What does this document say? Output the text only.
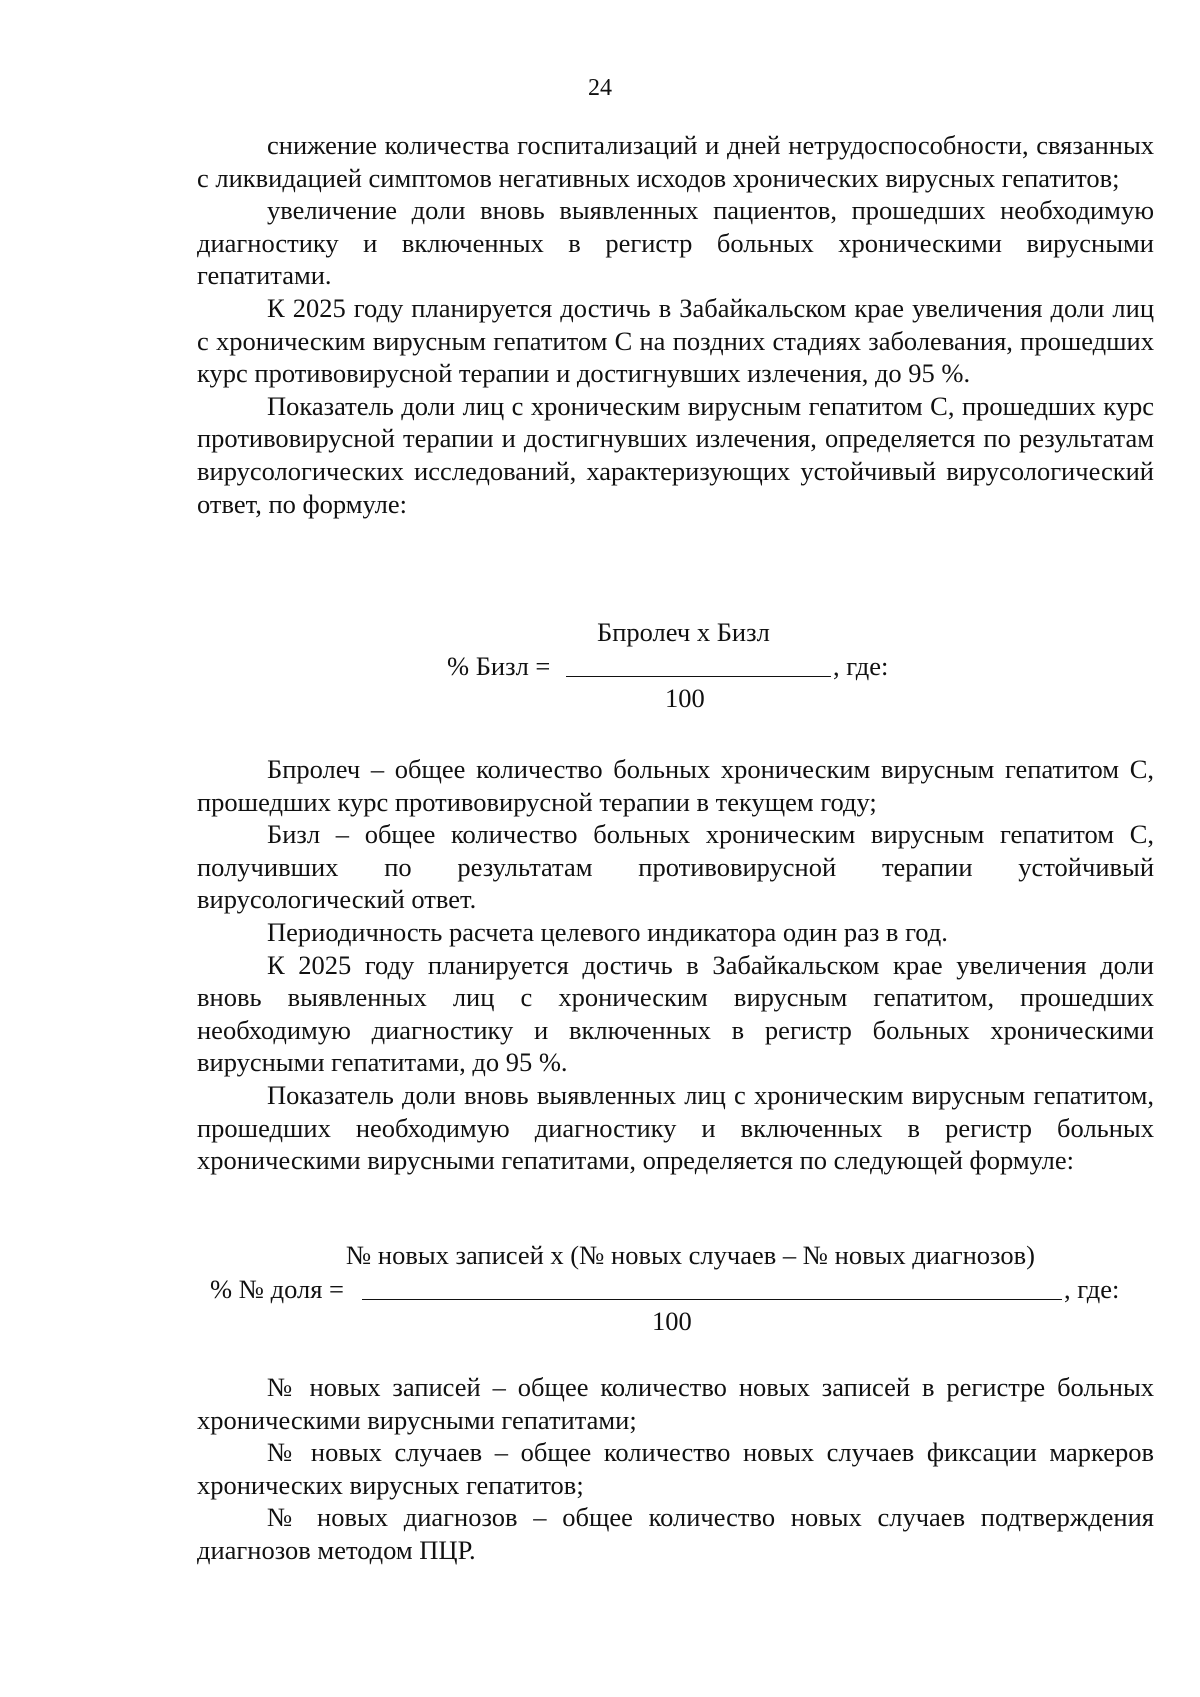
24

снижение количества госпитализаций и дней нетрудоспособности, связанных с ликвидацией симптомов негативных исходов хронических вирусных гепатитов;

увеличение доли вновь выявленных пациентов, прошедших необходимую диагностику и включенных в регистр больных хроническими вирусными гепатитами.

К 2025 году планируется достичь в Забайкальском крае увеличения доли лиц с хроническим вирусным гепатитом С на поздних стадиях заболевания, прошедших курс противовирусной терапии и достигнувших излечения, до 95 %.

Показатель доли лиц с хроническим вирусным гепатитом С, прошедших курс противовирусной терапии и достигнувших излечения, определяется по результатам вирусологических исследований, характеризующих устойчивый вирусологический ответ, по формуле:

Бпролеч х Бизл
% Бизл =	, где:
100

Бпролеч – общее количество больных хроническим вирусным гепатитом С, прошедших курс противовирусной терапии в текущем году;

Бизл – общее количество больных хроническим вирусным гепатитом С, получивших по результатам противовирусной терапии устойчивый вирусологический ответ.

Периодичность расчета целевого индикатора один раз в год.

К 2025 году планируется достичь в Забайкальском крае увеличения доли вновь выявленных лиц с хроническим вирусным гепатитом, прошедших необходимую диагностику и включенных в регистр больных хроническими вирусными гепатитами, до 95 %.

Показатель доли вновь выявленных лиц с хроническим вирусным гепатитом, прошедших необходимую диагностику и включенных в регистр больных хроническими вирусными гепатитами, определяется по следующей формуле:

№ новых записей х (№ новых случаев – № новых диагнозов)
% № доля =	, где:
100

№ новых записей – общее количество новых записей в регистре больных хроническими вирусными гепатитами;

№ новых случаев – общее количество новых случаев фиксации маркеров хронических вирусных гепатитов;

№ новых диагнозов – общее количество новых случаев подтверждения диагнозов методом ПЦР.
